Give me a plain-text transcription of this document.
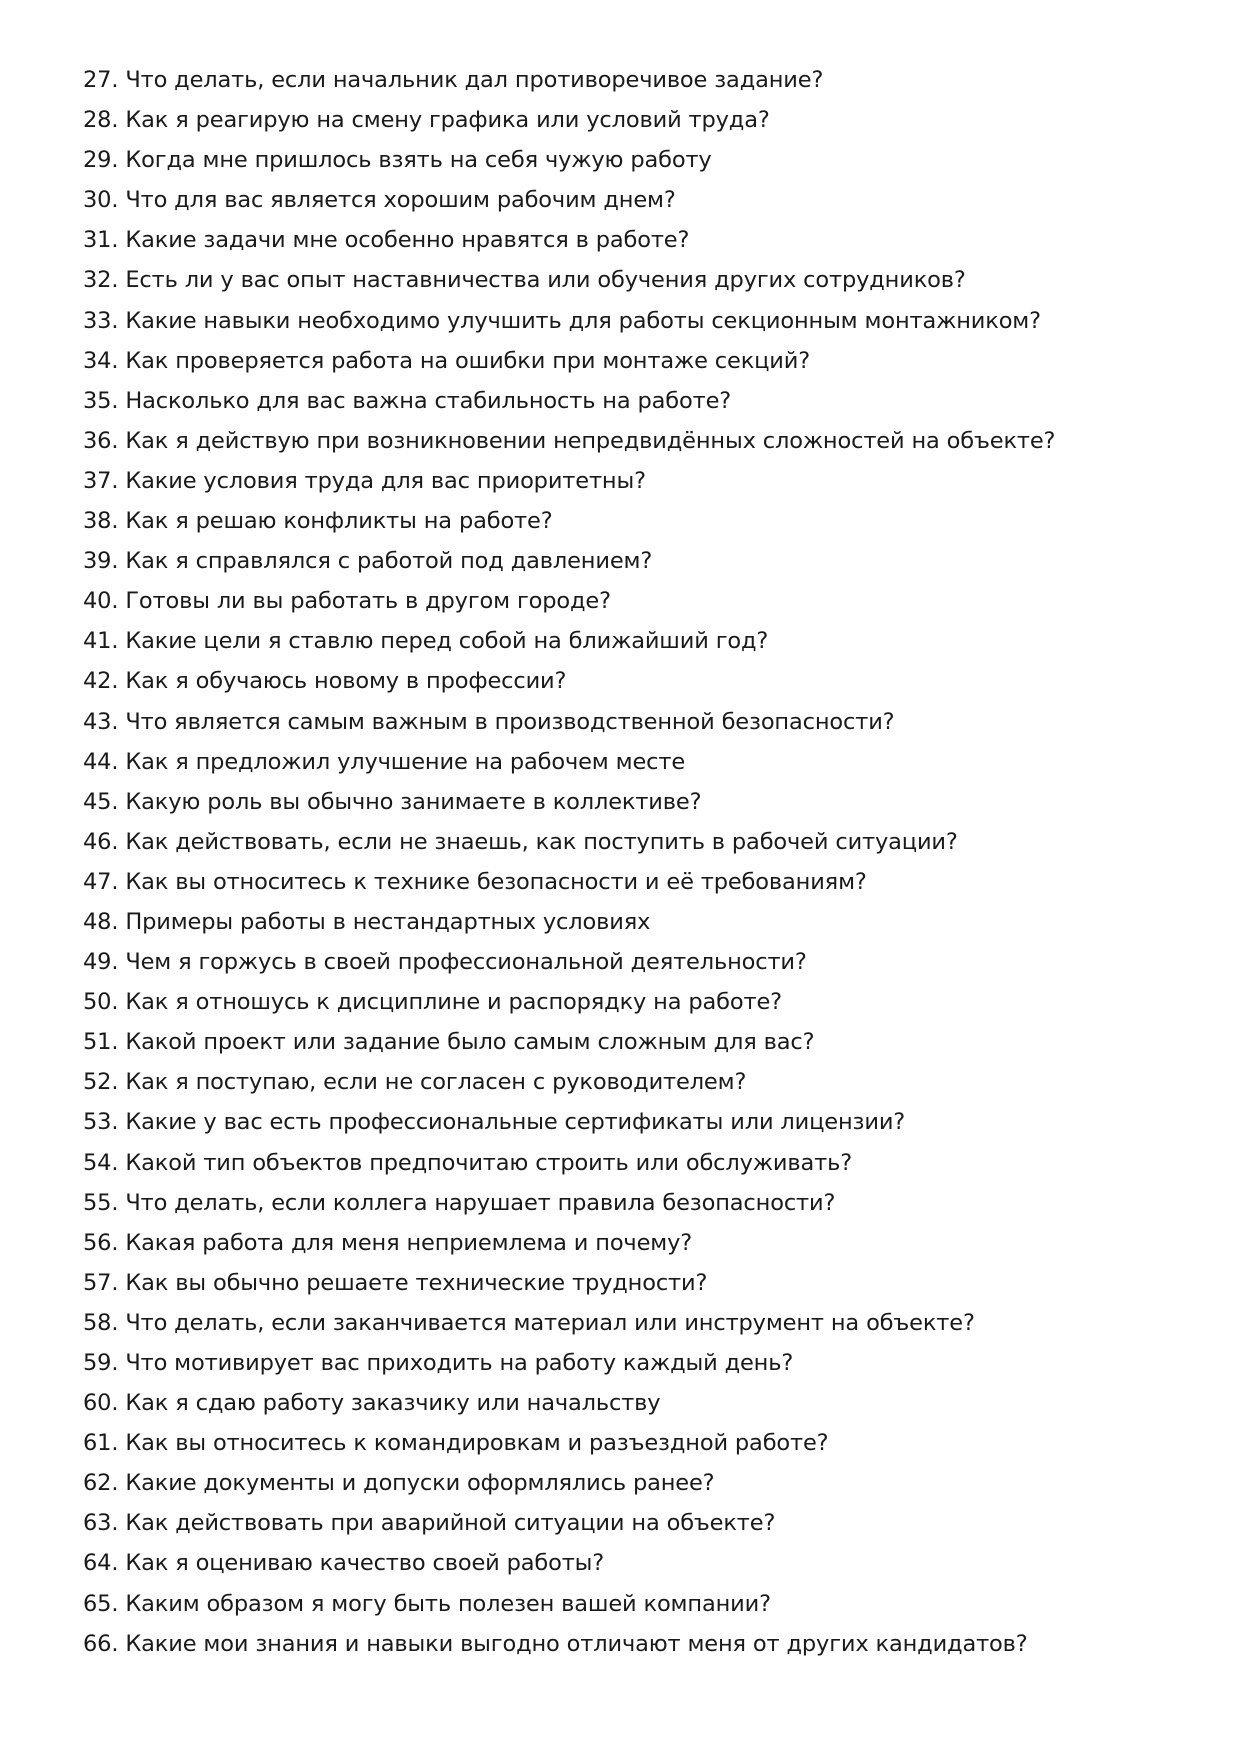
27. Что делать, если начальник дал противоречивое задание?
28. Как я реагирую на смену графика или условий труда?
29. Когда мне пришлось взять на себя чужую работу
30. Что для вас является хорошим рабочим днем?
31. Какие задачи мне особенно нравятся в работе?
32. Есть ли у вас опыт наставничества или обучения других сотрудников?
33. Какие навыки необходимо улучшить для работы секционным монтажником?
34. Как проверяется работа на ошибки при монтаже секций?
35. Насколько для вас важна стабильность на работе?
36. Как я действую при возникновении непредвидённых сложностей на объекте?
37. Какие условия труда для вас приоритетны?
38. Как я решаю конфликты на работе?
39. Как я справлялся с работой под давлением?
40. Готовы ли вы работать в другом городе?
41. Какие цели я ставлю перед собой на ближайший год?
42. Как я обучаюсь новому в профессии?
43. Что является самым важным в производственной безопасности?
44. Как я предложил улучшение на рабочем месте
45. Какую роль вы обычно занимаете в коллективе?
46. Как действовать, если не знаешь, как поступить в рабочей ситуации?
47. Как вы относитесь к технике безопасности и её требованиям?
48. Примеры работы в нестандартных условиях
49. Чем я горжусь в своей профессиональной деятельности?
50. Как я отношусь к дисциплине и распорядку на работе?
51. Какой проект или задание было самым сложным для вас?
52. Как я поступаю, если не согласен с руководителем?
53. Какие у вас есть профессиональные сертификаты или лицензии?
54. Какой тип объектов предпочитаю строить или обслуживать?
55. Что делать, если коллега нарушает правила безопасности?
56. Какая работа для меня неприемлема и почему?
57. Как вы обычно решаете технические трудности?
58. Что делать, если заканчивается материал или инструмент на объекте?
59. Что мотивирует вас приходить на работу каждый день?
60. Как я сдаю работу заказчику или начальству
61. Как вы относитесь к командировкам и разъездной работе?
62. Какие документы и допуски оформлялись ранее?
63. Как действовать при аварийной ситуации на объекте?
64. Как я оцениваю качество своей работы?
65. Каким образом я могу быть полезен вашей компании?
66. Какие мои знания и навыки выгодно отличают меня от других кандидатов?
